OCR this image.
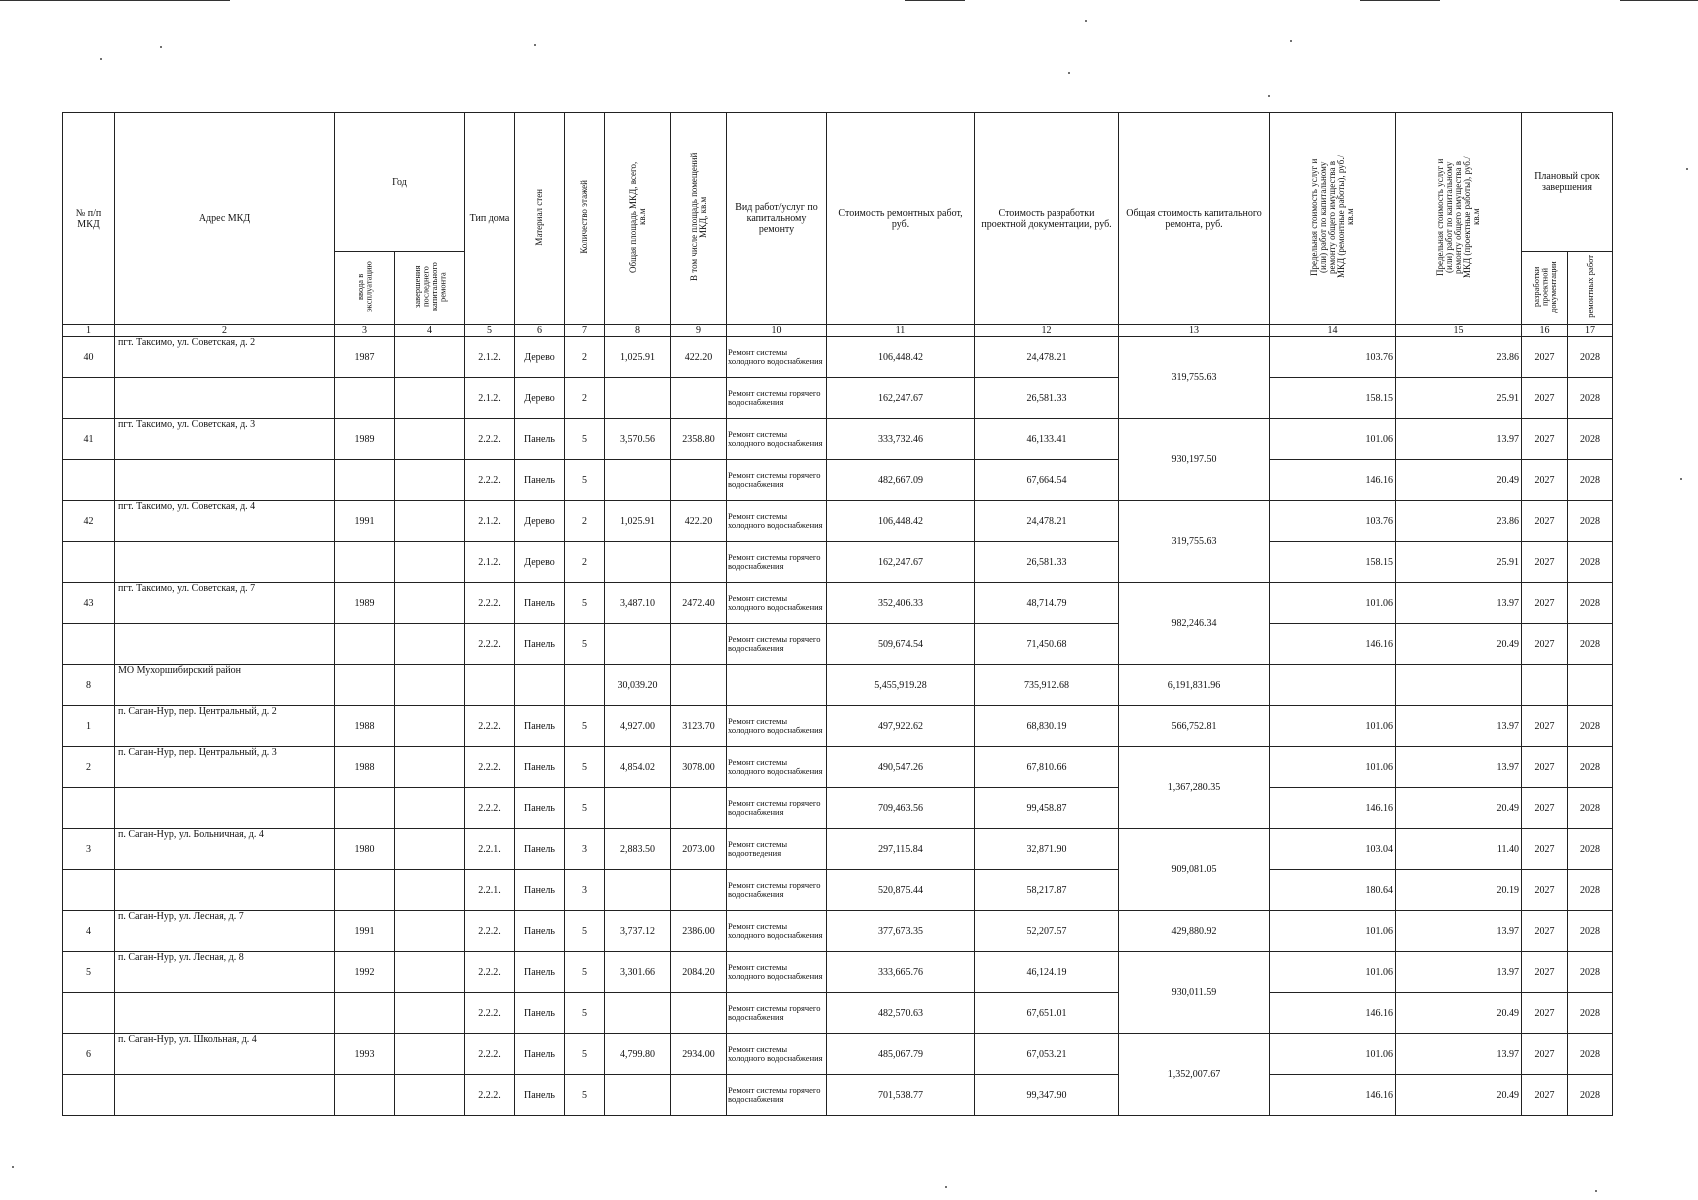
№ п/п МКД	Адрес МКД	Год		Тип дома	Материал стен	Количество этажей	Общая площадь МКД, всего, кв.м	В том числе площадь помещений МКД, кв.м	Вид работ/услуг по капитальному ремонту	Стоимость ремонтных работ, руб.	Стоимость разработки проектной документации, руб.	Общая стоимость капитального ремонта, руб.	Предельная стоимость услуг и (или) работ по капитальному ремонту общего имущества в МКД (ремонтные работы), руб./кв.м	Предельная стоимость услуг и (или) работ по капитальному ремонту общего имущества в МКД (проектные работы), руб./кв.м	Плановый срок завершения	
		ввода в эксплуатацию	завершения последнего капитального ремонта												разработки проектной документации	ремонтных работ
1	2	3	4	5	6	7	8	9	10	11	12	13	14	15	16	17
40	пгт. Таксимо, ул. Советская, д. 2	1987		2.1.2.	Дерево	2	1,025.91	422.20	Ремонт системы холодного водоснабжения	106,448.42	24,478.21	319,755.63	103.76	23.86	2027	2028
				2.1.2.	Дерево	2			Ремонт системы горячего водоснабжения	162,247.67	26,581.33		158.15	25.91	2027	2028
41	пгт. Таксимо, ул. Советская, д. 3	1989		2.2.2.	Панель	5	3,570.56	2358.80	Ремонт системы холодного водоснабжения	333,732.46	46,133.41	930,197.50	101.06	13.97	2027	2028
				2.2.2.	Панель	5			Ремонт системы горячего водоснабжения	482,667.09	67,664.54		146.16	20.49	2027	2028
42	пгт. Таксимо, ул. Советская, д. 4	1991		2.1.2.	Дерево	2	1,025.91	422.20	Ремонт системы холодного водоснабжения	106,448.42	24,478.21	319,755.63	103.76	23.86	2027	2028
				2.1.2.	Дерево	2			Ремонт системы горячего водоснабжения	162,247.67	26,581.33		158.15	25.91	2027	2028
43	пгт. Таксимо, ул. Советская, д. 7	1989		2.2.2.	Панель	5	3,487.10	2472.40	Ремонт системы холодного водоснабжения	352,406.33	48,714.79	982,246.34	101.06	13.97	2027	2028
				2.2.2.	Панель	5			Ремонт системы горячего водоснабжения	509,674.54	71,450.68		146.16	20.49	2027	2028
8	МО Мухоршибирский район						30,039.20			5,455,919.28	735,912.68	6,191,831.96				
1	п. Саган-Нур, пер. Центральный, д. 2	1988		2.2.2.	Панель	5	4,927.00	3123.70	Ремонт системы холодного водоснабжения	497,922.62	68,830.19	566,752.81	101.06	13.97	2027	2028
2	п. Саган-Нур, пер. Центральный, д. 3	1988		2.2.2.	Панель	5	4,854.02	3078.00	Ремонт системы холодного водоснабжения	490,547.26	67,810.66	1,367,280.35	101.06	13.97	2027	2028
				2.2.2.	Панель	5			Ремонт системы горячего водоснабжения	709,463.56	99,458.87		146.16	20.49	2027	2028
3	п. Саган-Нур, ул. Больничная, д. 4	1980		2.2.1.	Панель	3	2,883.50	2073.00	Ремонт системы водоотведения	297,115.84	32,871.90	909,081.05	103.04	11.40	2027	2028
				2.2.1.	Панель	3			Ремонт системы горячего водоснабжения	520,875.44	58,217.87		180.64	20.19	2027	2028
4	п. Саган-Нур, ул. Лесная, д. 7	1991		2.2.2.	Панель	5	3,737.12	2386.00	Ремонт системы холодного водоснабжения	377,673.35	52,207.57	429,880.92	101.06	13.97	2027	2028
5	п. Саган-Нур, ул. Лесная, д. 8	1992		2.2.2.	Панель	5	3,301.66	2084.20	Ремонт системы холодного водоснабжения	333,665.76	46,124.19	930,011.59	101.06	13.97	2027	2028
				2.2.2.	Панель	5			Ремонт системы горячего водоснабжения	482,570.63	67,651.01		146.16	20.49	2027	2028
6	п. Саган-Нур, ул. Школьная, д. 4	1993		2.2.2.	Панель	5	4,799.80	2934.00	Ремонт системы холодного водоснабжения	485,067.79	67,053.21	1,352,007.67	101.06	13.97	2027	2028
				2.2.2.	Панель	5			Ремонт системы горячего водоснабжения	701,538.77	99,347.90		146.16	20.49	2027	2028
